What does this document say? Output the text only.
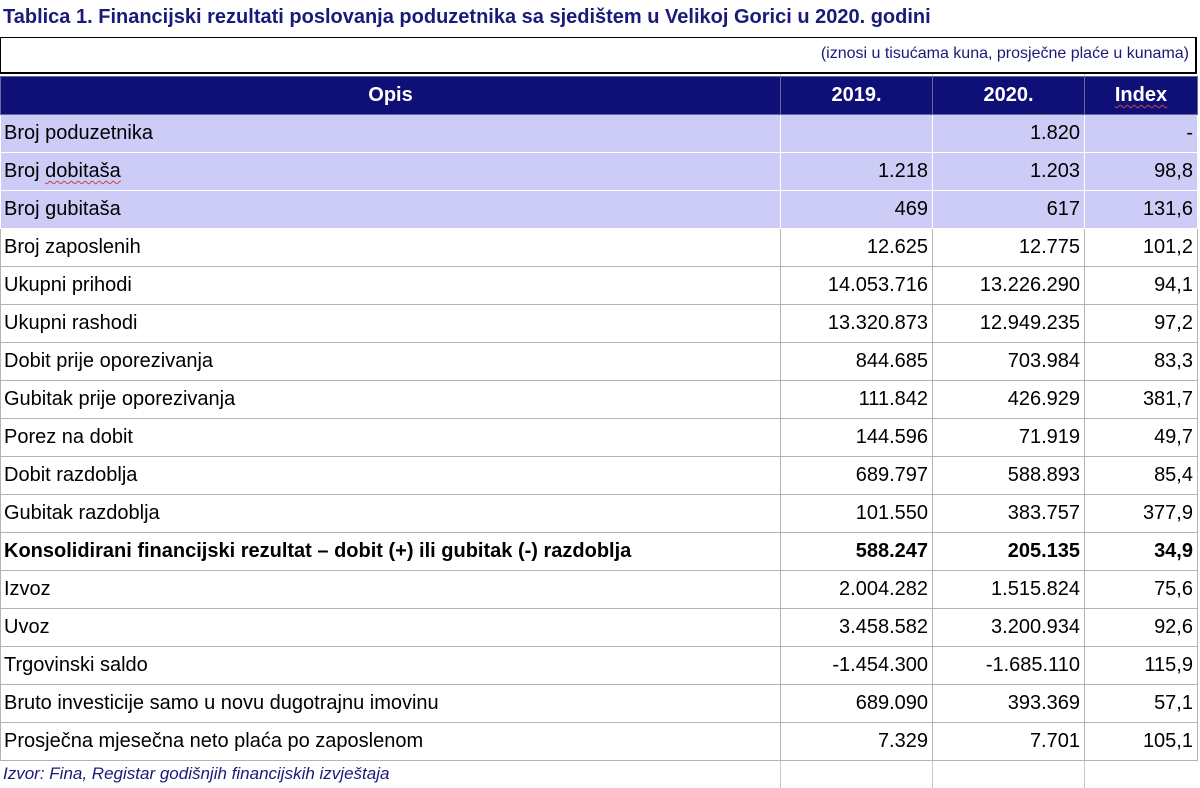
Tablica 1. Financijski rezultati poslovanja poduzetnika sa sjedištem u Velikoj Gorici u 2020. godini
(iznosi u tisućama kuna, prosječne plaće u kunama)
Opis	2019.	2020.	Index
Broj poduzetnika		1.820	-
Broj dobitaša	1.218	1.203	98,8
Broj gubitaša	469	617	131,6
Broj zaposlenih	12.625	12.775	101,2
Ukupni prihodi	14.053.716	13.226.290	94,1
Ukupni rashodi	13.320.873	12.949.235	97,2
Dobit prije oporezivanja	844.685	703.984	83,3
Gubitak prije oporezivanja	111.842	426.929	381,7
Porez na dobit	144.596	71.919	49,7
Dobit razdoblja	689.797	588.893	85,4
Gubitak razdoblja	101.550	383.757	377,9
Konsolidirani financijski rezultat – dobit (+) ili gubitak (-) razdoblja	588.247	205.135	34,9
Izvoz	2.004.282	1.515.824	75,6
Uvoz	3.458.582	3.200.934	92,6
Trgovinski saldo	-1.454.300	-1.685.110	115,9
Bruto investicije samo u novu dugotrajnu imovinu	689.090	393.369	57,1
Prosječna mjesečna neto plaća po zaposlenom	7.329	7.701	105,1
Izvor: Fina, Registar godišnjih financijskih izvještaja
